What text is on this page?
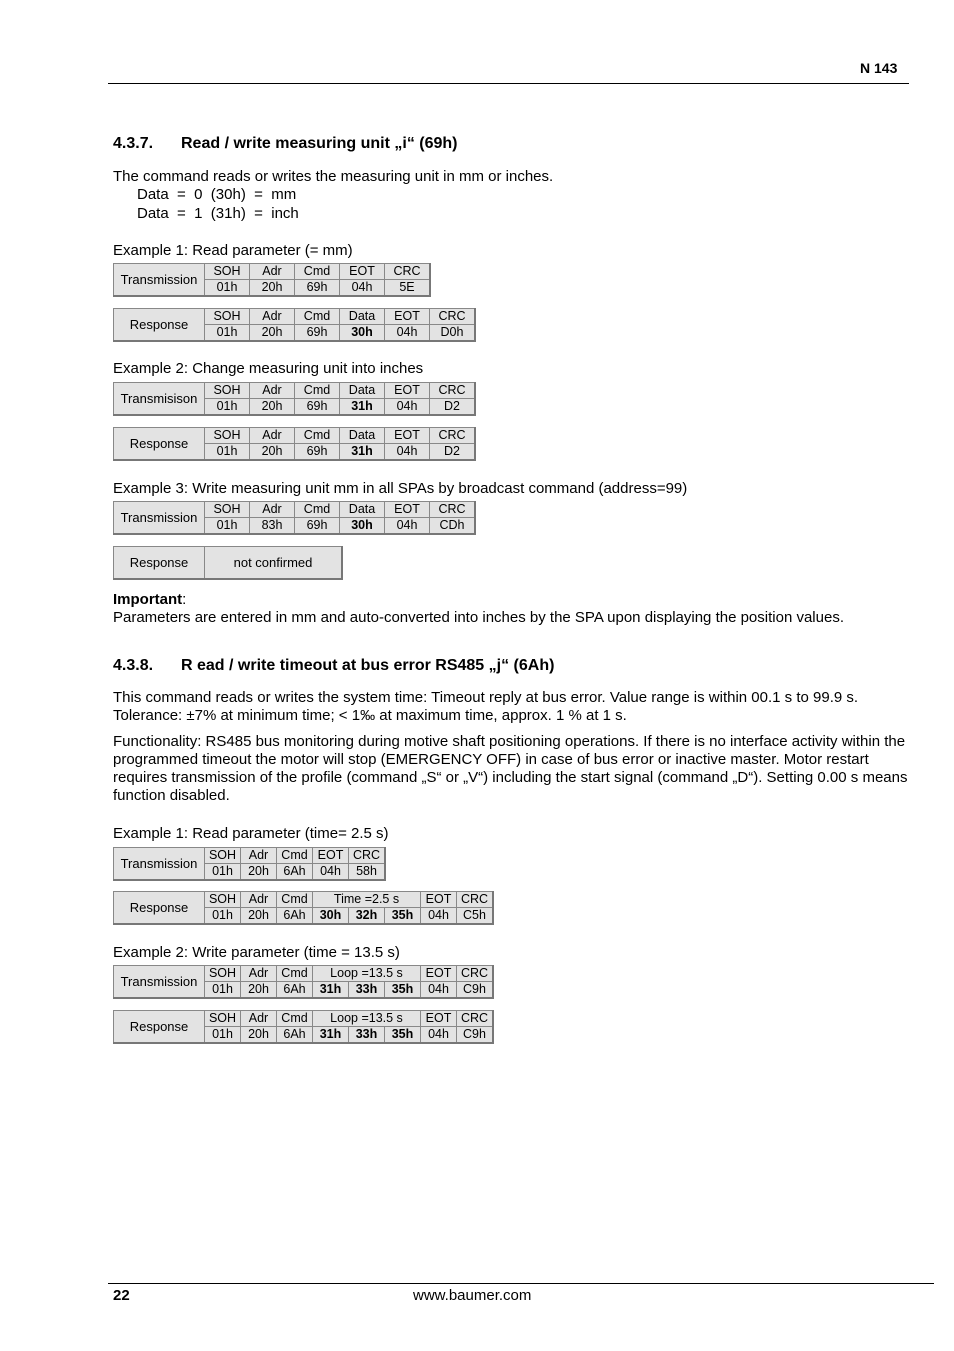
N 143
4.3.7. Read / write measuring unit „i“ (69h)
The command reads or writes the measuring unit in mm or inches.
Data  =  0  (30h)  =  mm
Data  =  1  (31h)  =  inch
Example 1: Read parameter (= mm)
Transmission	SOH	Adr	Cmd	EOT	CRC
	01h	20h	69h	04h	5E
Response	SOH	Adr	Cmd	Data	EOT	CRC
	01h	20h	69h	30h	04h	D0h
Example 2: Change measuring unit into inches
Transmisison	SOH	Adr	Cmd	Data	EOT	CRC
	01h	20h	69h	31h	04h	D2
Response	SOH	Adr	Cmd	Data	EOT	CRC
	01h	20h	69h	31h	04h	D2
Example 3: Write measuring unit mm in all SPAs by broadcast command (address=99)
Transmission	SOH	Adr	Cmd	Data	EOT	CRC
	01h	83h	69h	30h	04h	CDh
Response	not confirmed
Important:
Parameters are entered in mm and auto-converted into inches by the SPA upon displaying the position values.
4.3.8. R ead / write timeout at bus error RS485 „j“ (6Ah)
This command reads or writes the system time: Timeout reply at bus error. Value range is within 00.1 s to 99.9 s. Tolerance: ±7% at minimum time; < 1‰ at maximum time, approx. 1 % at 1 s.
Functionality: RS485 bus monitoring during motive shaft positioning operations. If there is no interface activity within the programmed timeout the motor will stop (EMERGENCY OFF) in case of bus error or inactive master. Motor restart requires transmission of the profile (command „S“ or „V“) including the start signal (command „D“). Setting 0.00 s means function disabled.
Example 1: Read parameter (time= 2.5 s)
Transmission	SOH	Adr	Cmd	EOT	CRC
	01h	20h	6Ah	04h	58h
Response	SOH	Adr	Cmd	Time =2.5 s			EOT	CRC
	01h	20h	6Ah	30h	32h	35h	04h	C5h
Example 2: Write parameter (time = 13.5 s)
Transmission	SOH	Adr	Cmd	Loop =13.5 s			EOT	CRC
	01h	20h	6Ah	31h	33h	35h	04h	C9h
Response	SOH	Adr	Cmd	Loop =13.5 s			EOT	CRC
	01h	20h	6Ah	31h	33h	35h	04h	C9h
22	www.baumer.com
